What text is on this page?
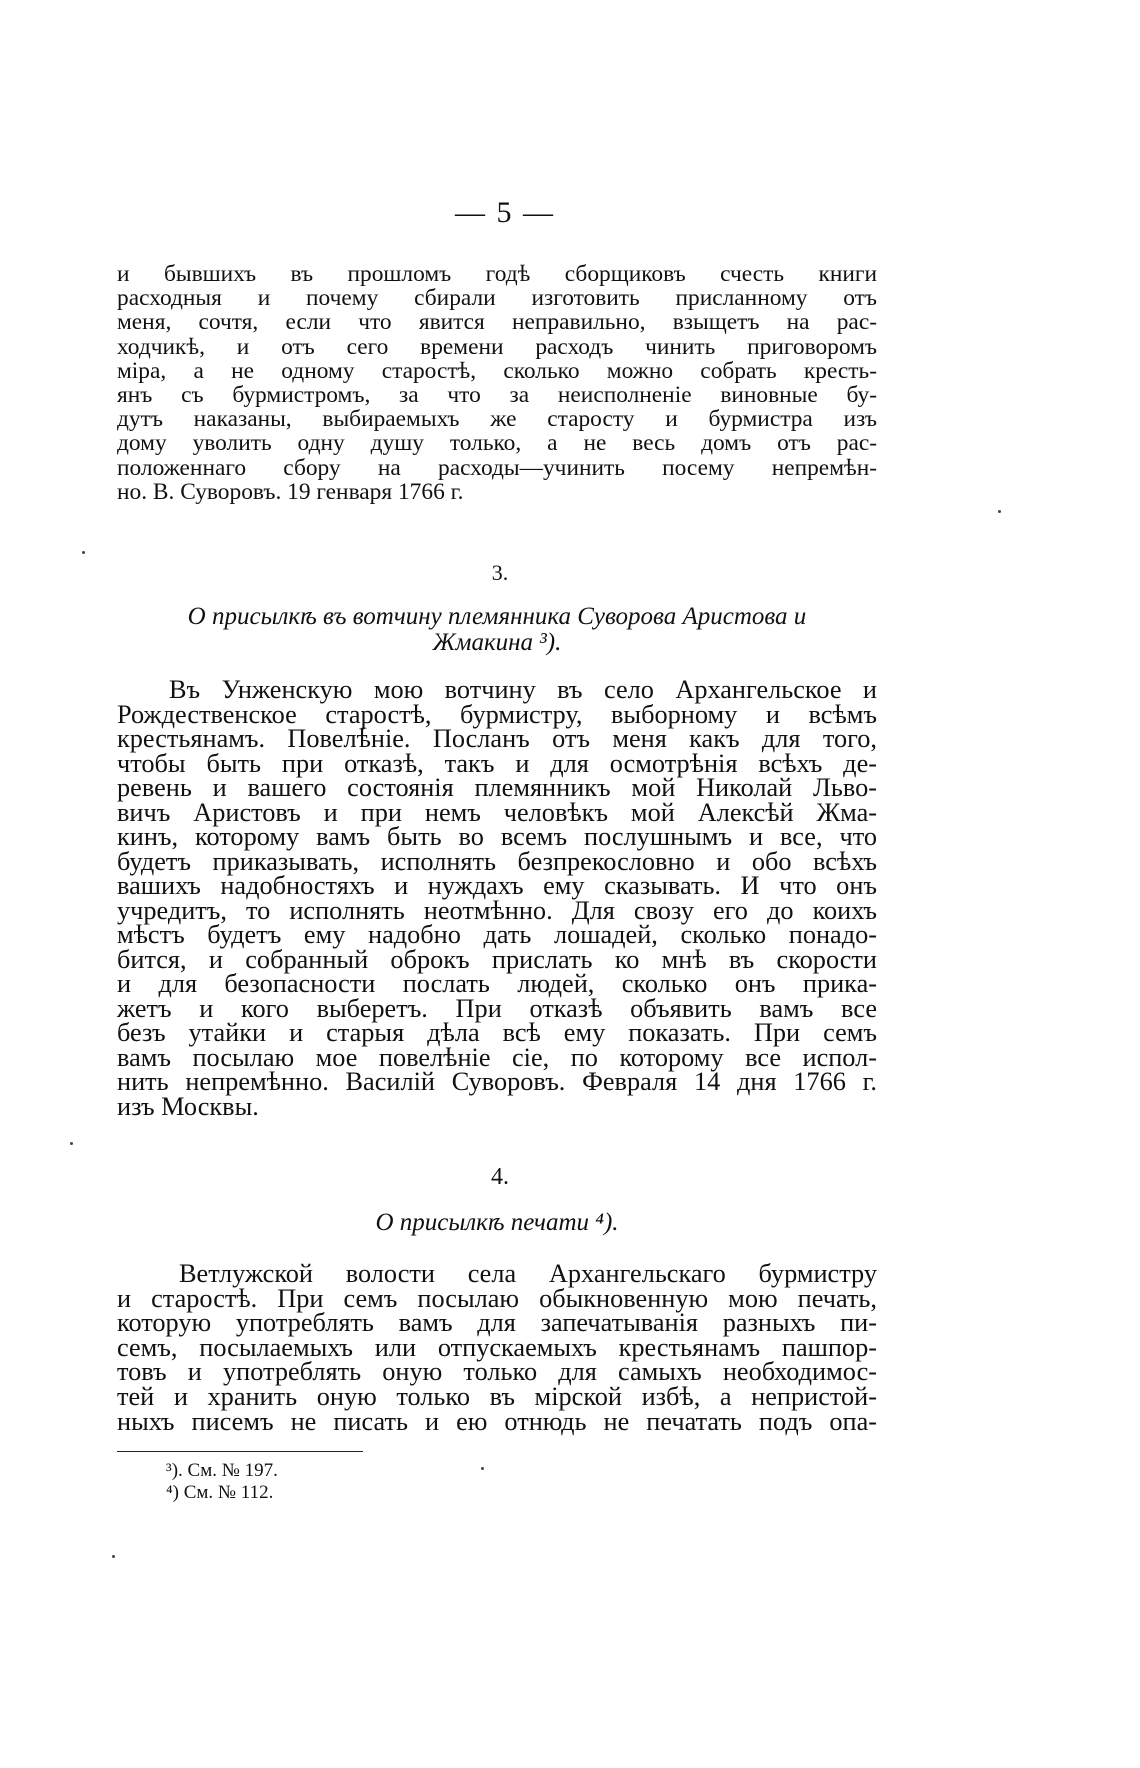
— 5 —
и бывшихъ въ прошломъ годѣ сборщиковъ счесть книги
расходныя и почему сбирали изготовить присланному отъ
меня, сочтя, если что явится неправильно, взыщетъ на рас-
ходчикѣ, и отъ сего времени расходъ чинить приговоромъ
міра, а не одному старостѣ, сколько можно собрать кресть-
янъ съ бурмистромъ, за что за неисполненіе виновные бу-
дутъ наказаны, выбираемыхъ же старосту и бурмистра изъ
дому уволить одну душу только, а не весь домъ отъ рас-
положеннаго сбору на расходы—учинить посему непремѣн-
но. В. Суворовъ. 19 генваря 1766 г.
3.
О присылкѣ въ вотчину племянника Суворова Аристова и
Жмакина ³).
Въ Унженскую мою вотчину въ село Архангельское и
Рождественское старостѣ, бурмистру, выборному и всѣмъ
крестьянамъ. Повелѣніе. Посланъ отъ меня какъ для того,
чтобы быть при отказѣ, такъ и для осмотрѣнія всѣхъ де-
ревень и вашего состоянія племянникъ мой Николай Льво-
вичъ Аристовъ и при немъ человѣкъ мой Алексѣй Жма-
кинъ, которому вамъ быть во всемъ послушнымъ и все, что
будетъ приказывать, исполнять безпрекословно и обо всѣхъ
вашихъ надобностяхъ и нуждахъ ему сказывать. И что онъ
учредитъ, то исполнять неотмѣнно. Для свозу его до коихъ
мѣстъ будетъ ему надобно дать лошадей, сколько понадо-
бится, и собранный оброкъ прислать ко мнѣ въ скорости
и для безопасности послать людей, сколько онъ прика-
жетъ и кого выберетъ. При отказѣ объявить вамъ все
безъ утайки и старыя дѣла всѣ ему показать. При семъ
вамъ посылаю мое повелѣніе сіе, по которому все испол-
нить непремѣнно. Василій Суворовъ. Февраля 14 дня 1766 г.
изъ Москвы.
4.
О присылкѣ печати ⁴).
Ветлужской волости села Архангельскаго бурмистру
и старостѣ. При семъ посылаю обыкновенную мою печать,
которую употреблять вамъ для запечатыванія разныхъ пи-
семъ, посылаемыхъ или отпускаемыхъ крестьянамъ пашпор-
товъ и употреблять оную только для самыхъ необходимос-
тей и хранить оную только въ мірской избѣ, а непристой-
ныхъ писемъ не писать и ею отнюдь не печатать подъ опа-
³). См. № 197.
⁴) См. № 112.
